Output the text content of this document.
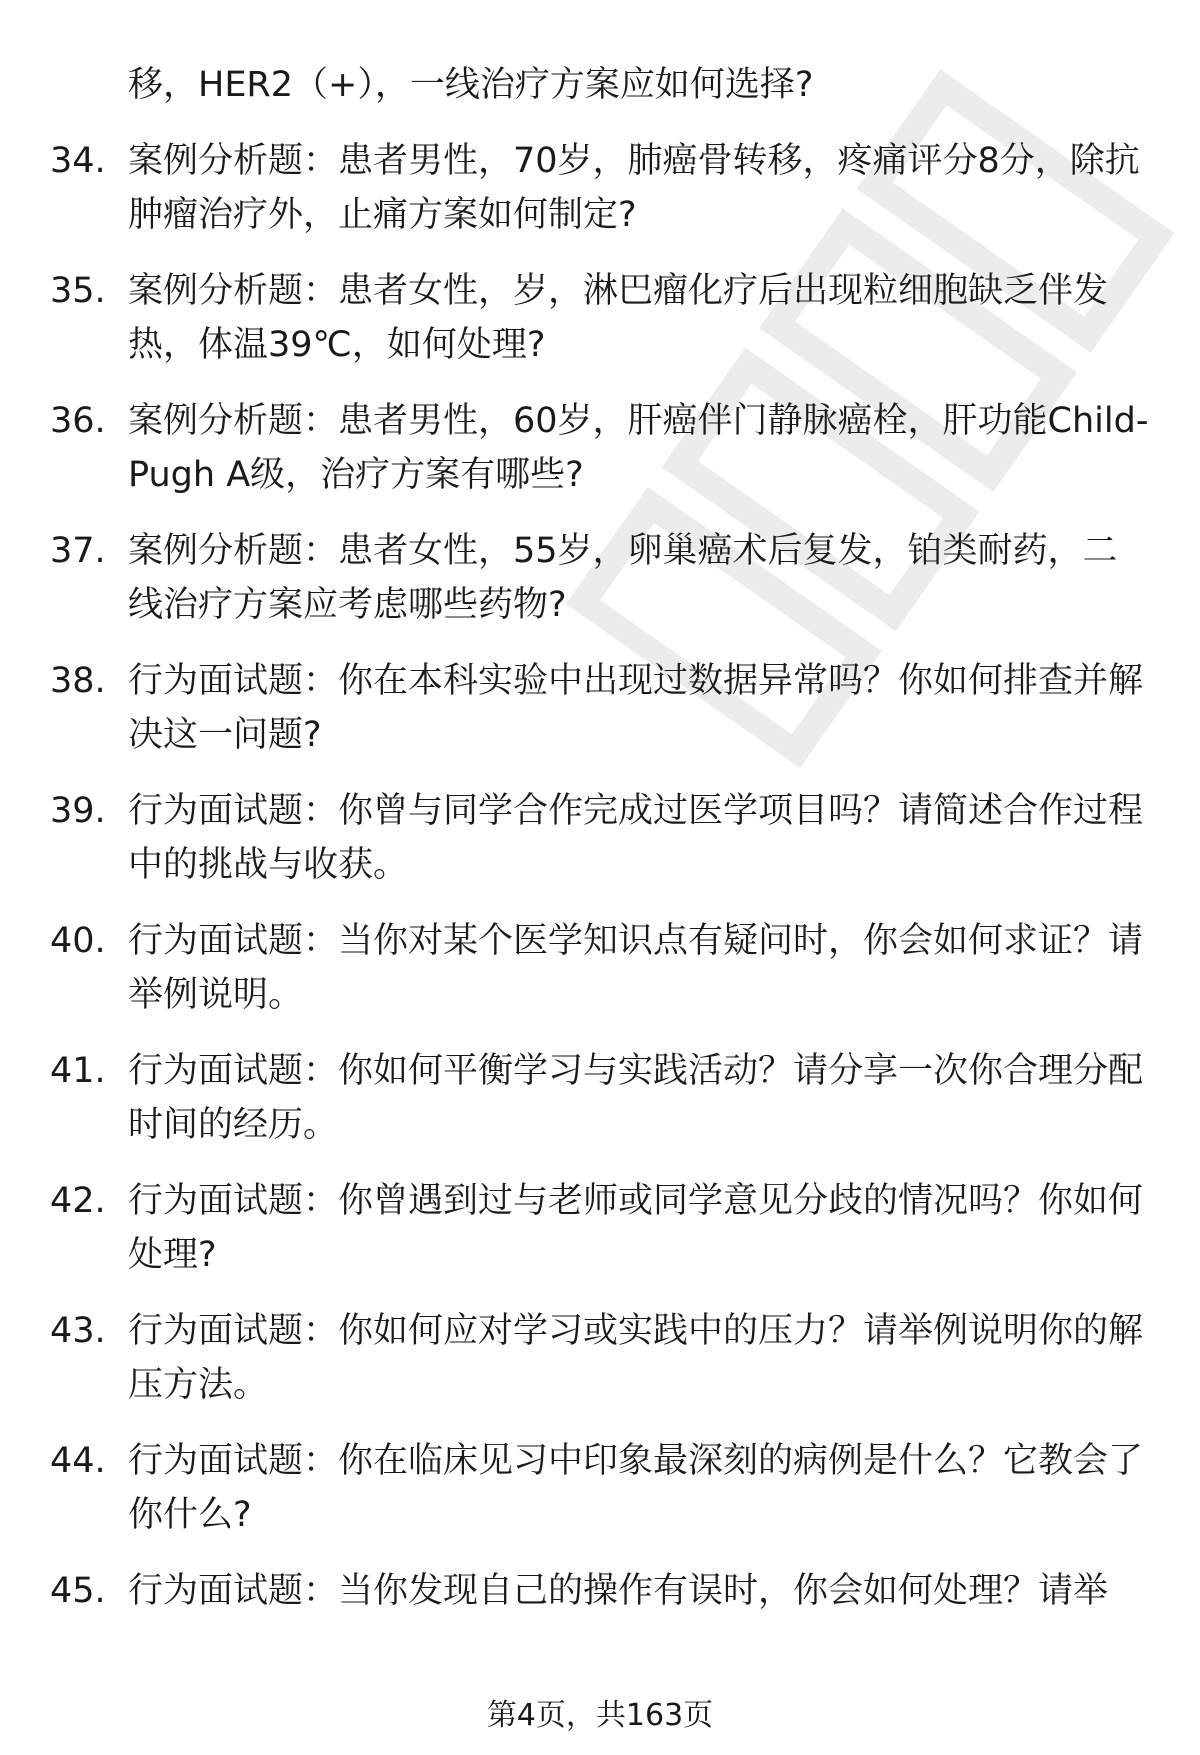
移，HER2（+），一线治疗方案应如何选择?
34. 案例分析题：患者男性，70岁，肺癌骨转移，疼痛评分8分，除抗肿瘤治疗外，止痛方案如何制定?
35. 案例分析题：患者女性，岁，淋巴瘤化疗后出现粒细胞缺乏伴发热，体温39℃，如何处理?
36. 案例分析题：患者男性，60岁，肝癌伴门静脉癌栓，肝功能Child-Pugh A级，治疗方案有哪些?
37. 案例分析题：患者女性，55岁，卵巢癌术后复发，铂类耐药，二线治疗方案应考虑哪些药物?
38. 行为面试题：你在本科实验中出现过数据异常吗？你如何排查并解决这一问题?
39. 行为面试题：你曾与同学合作完成过医学项目吗？请简述合作过程中的挑战与收获。
40. 行为面试题：当你对某个医学知识点有疑问时，你会如何求证？请举例说明。
41. 行为面试题：你如何平衡学习与实践活动？请分享一次你合理分配时间的经历。
42. 行为面试题：你曾遇到过与老师或同学意见分歧的情况吗？你如何处理?
43. 行为面试题：你如何应对学习或实践中的压力？请举例说明你的解压方法。
44. 行为面试题：你在临床见习中印象最深刻的病例是什么？它教会了你什么?
45. 行为面试题：当你发现自己的操作有误时，你会如何处理？请举
第4页，共163页
